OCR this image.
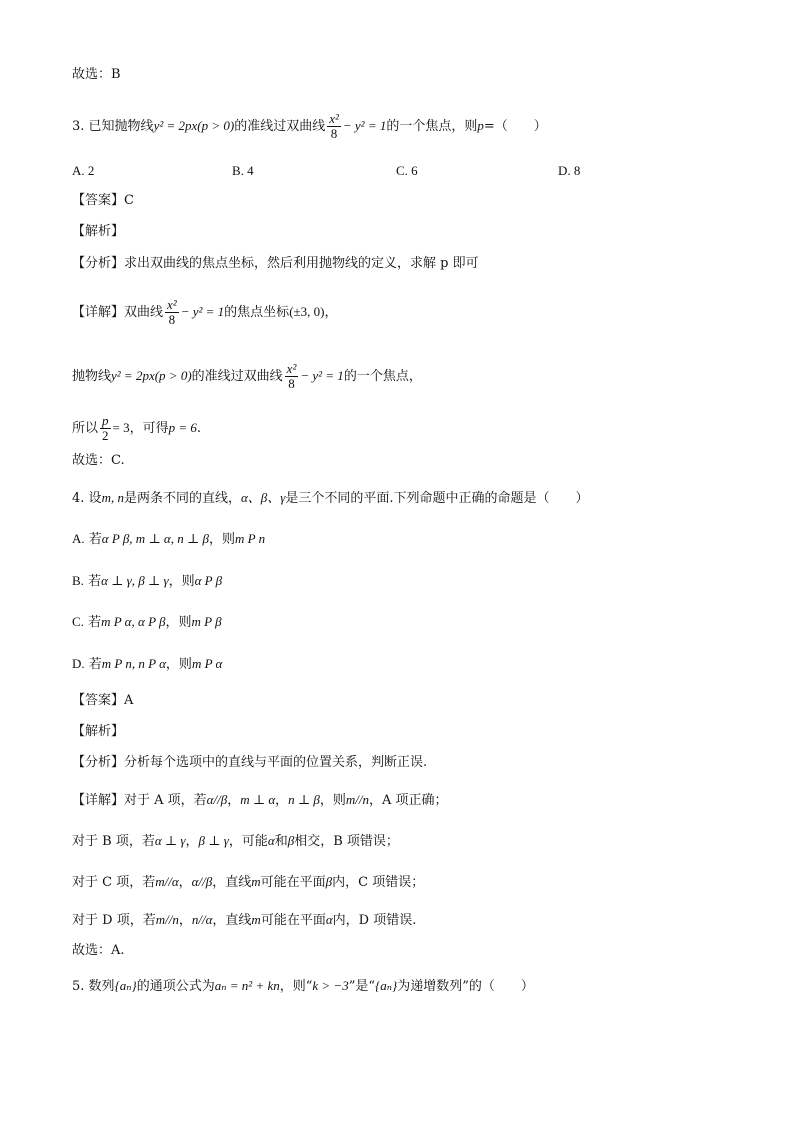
故选：B
3. 已知抛物线y² = 2px(p > 0)的准线过双曲线 $\frac{\text{x²}}{8} - y^2 = 1$的一个焦点，则p=（　　）
A. 2	B. 4	C. 6	D. 8
【答案】C
【解析】
【分析】求出双曲线的焦点坐标，然后利用抛物线的定义，求解 p 即可
【详解】双曲线 $\frac{\text{x²}}{8} - y^2 = 1$的焦点坐标(±3, 0)，
抛物线y² = 2px(p > 0)的准线过双曲线 $\frac{\text{x²}}{8} - y^2 = 1$的一个焦点，
所以 $\frac{p}{2} = 3$，可得p = 6.
故选：C.
4. 设m, n是两条不同的直线，α、β、γ是三个不同的平面.下列命题中正确的命题是（　　）
A. 若α P β, m ⊥ α, n ⊥ β，则m P n
B. 若α ⊥ γ, β ⊥ γ，则α P β
C. 若m P α, α P β，则m P β
D. 若m P n, n P α，则m P α
【答案】A
【解析】
【分析】分析每个选项中的直线与平面的位置关系，判断正误.
【详解】对于 A 项，若α//β，m ⊥ α，n ⊥ β，则m//n，A 项正确；
对于 B 项，若α ⊥ γ，β ⊥ γ，可能α和β相交，B 项错误；
对于 C 项，若m//α，α//β，直线m可能在平面β内，C 项错误；
对于 D 项，若m//n，n//α，直线m可能在平面α内，D 项错误.
故选：A.
5. 数列{aₙ}的通项公式为aₙ = n² + kn，则“k > −3”是“{aₙ}为递增数列”的（　　）
